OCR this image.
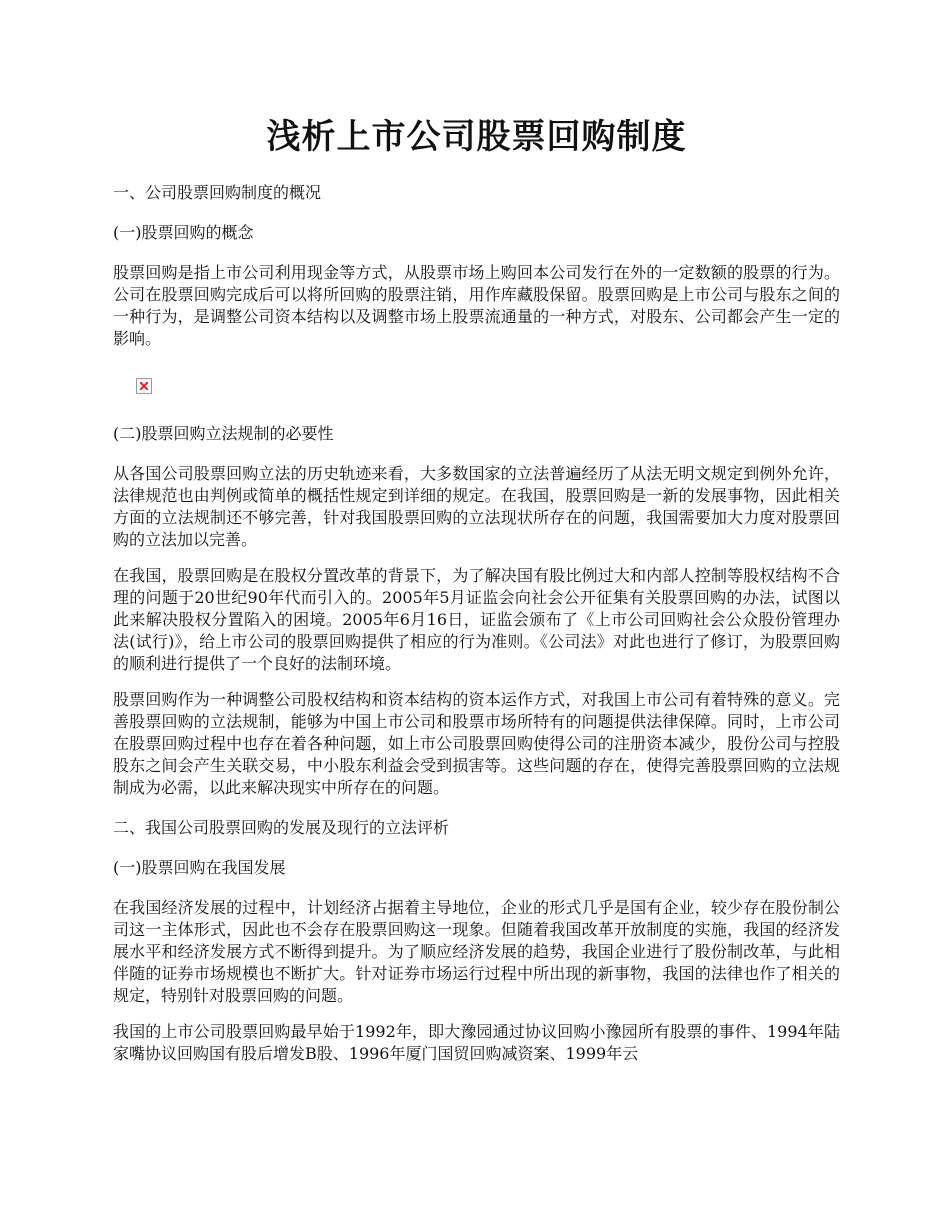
浅析上市公司股票回购制度

一、公司股票回购制度的概况

(一)股票回购的概念

股票回购是指上市公司利用现金等方式，从股票市场上购回本公司发行在外的一定数额的股票的行为。公司在股票回购完成后可以将所回购的股票注销，用作库藏股保留。股票回购是上市公司与股东之间的一种行为，是调整公司资本结构以及调整市场上股票流通量的一种方式，对股东、公司都会产生一定的影响。

(二)股票回购立法规制的必要性

从各国公司股票回购立法的历史轨迹来看，大多数国家的立法普遍经历了从法无明文规定到例外允许，法律规范也由判例或简单的概括性规定到详细的规定。在我国，股票回购是一新的发展事物，因此相关方面的立法规制还不够完善，针对我国股票回购的立法现状所存在的问题，我国需要加大力度对股票回购的立法加以完善。

在我国，股票回购是在股权分置改革的背景下，为了解决国有股比例过大和内部人控制等股权结构不合理的问题于20世纪90年代而引入的。2005年5月证监会向社会公开征集有关股票回购的办法，试图以此来解决股权分置陷入的困境。2005年6月16日，证监会颁布了《上市公司回购社会公众股份管理办法(试行)》，给上市公司的股票回购提供了相应的行为准则。《公司法》对此也进行了修订，为股票回购的顺利进行提供了一个良好的法制环境。

股票回购作为一种调整公司股权结构和资本结构的资本运作方式，对我国上市公司有着特殊的意义。完善股票回购的立法规制，能够为中国上市公司和股票市场所特有的问题提供法律保障。同时，上市公司在股票回购过程中也存在着各种问题，如上市公司股票回购使得公司的注册资本减少，股份公司与控股股东之间会产生关联交易，中小股东利益会受到损害等。这些问题的存在，使得完善股票回购的立法规制成为必需，以此来解决现实中所存在的问题。

二、我国公司股票回购的发展及现行的立法评析

(一)股票回购在我国发展

在我国经济发展的过程中，计划经济占据着主导地位，企业的形式几乎是国有企业，较少存在股份制公司这一主体形式，因此也不会存在股票回购这一现象。但随着我国改革开放制度的实施，我国的经济发展水平和经济发展方式不断得到提升。为了顺应经济发展的趋势，我国企业进行了股份制改革，与此相伴随的证券市场规模也不断扩大。针对证券市场运行过程中所出现的新事物，我国的法律也作了相关的规定，特别针对股票回购的问题。

我国的上市公司股票回购最早始于1992年，即大豫园通过协议回购小豫园所有股票的事件、1994年陆家嘴协议回购国有股后增发B股、1996年厦门国贸回购减资案、1999年云
